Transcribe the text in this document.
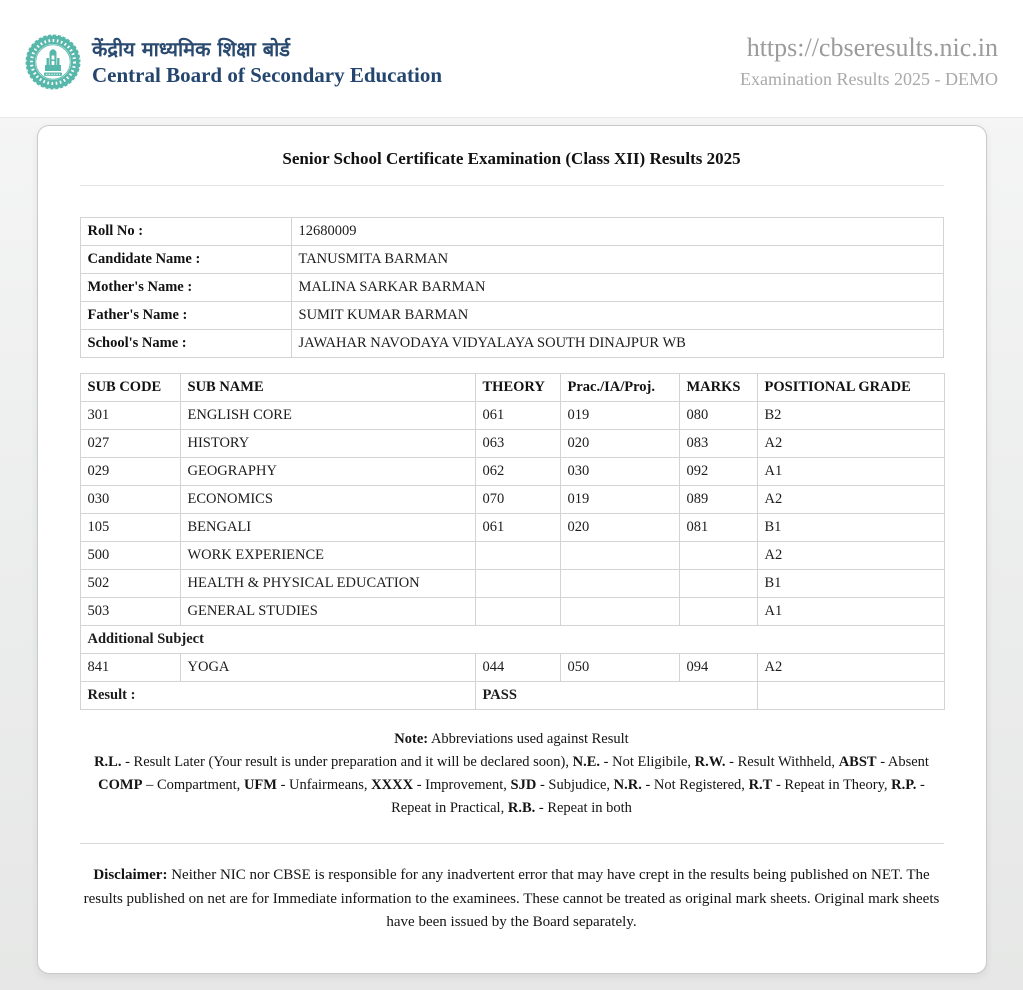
केंद्रीय माध्यमिक शिक्षा बोर्ड
Central Board of Secondary Education
https://cbseresults.nic.in
Examination Results 2025 - DEMO
Senior School Certificate Examination (Class XII) Results 2025
Roll No :	12680009
Candidate Name :	TANUSMITA BARMAN
Mother's Name :	MALINA SARKAR BARMAN
Father's Name :	SUMIT KUMAR BARMAN
School's Name :	JAWAHAR NAVODAYA VIDYALAYA SOUTH DINAJPUR WB
SUB CODE	SUB NAME	THEORY	Prac./IA/Proj.	MARKS	POSITIONAL GRADE
301	ENGLISH CORE	061	019	080	B2
027	HISTORY	063	020	083	A2
029	GEOGRAPHY	062	030	092	A1
030	ECONOMICS	070	019	089	A2
105	BENGALI	061	020	081	B1
500	WORK EXPERIENCE				A2
502	HEALTH & PHYSICAL EDUCATION				B1
503	GENERAL STUDIES				A1
Additional Subject					
841	YOGA	044	050	094	A2
Result :		PASS			

Note: Abbreviations used against Result

R.L. - Result Later (Your result is under preparation and it will be declared soon), N.E. - Not Eligibile, R.W. - Result Withheld, ABST - Absent

COMP – Compartment, UFM - Unfairmeans, XXXX - Improvement, SJD - Subjudice, N.R. - Not Registered, R.T - Repeat in Theory, R.P. - Repeat in Practical, R.B. - Repeat in both

Disclaimer: Neither NIC nor CBSE is responsible for any inadvertent error that may have crept in the results being published on NET. The results published on net are for Immediate information to the examinees. These cannot be treated as original mark sheets. Original mark sheets have been issued by the Board separately.
